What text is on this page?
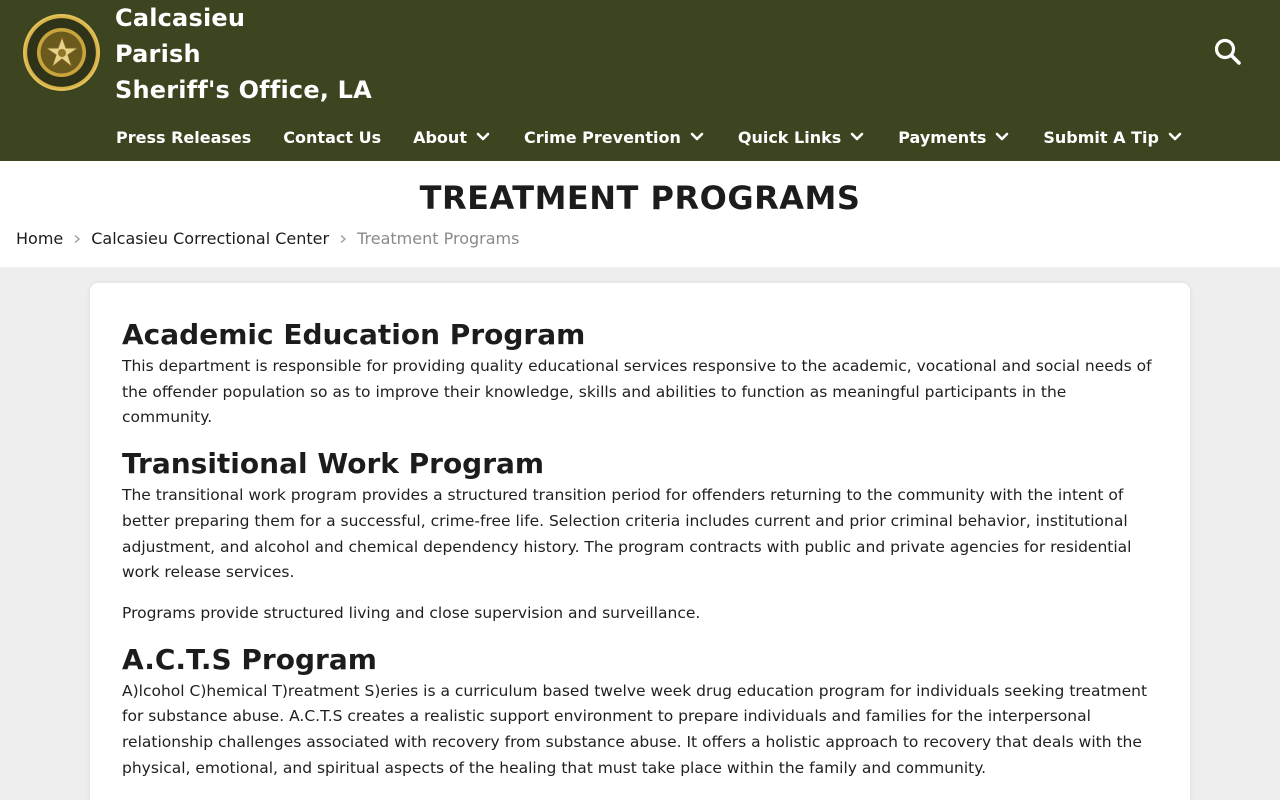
Calcasieu
Parish
Sheriff's Office, LA
Press Releases Contact Us About	Crime Prevention	Quick Links	Payments	Submit A Tip
TREATMENT PROGRAMS
Home Calcasieu Correctional Center Treatment Programs
Academic Education Program

This department is responsible for providing quality educational services responsive to the academic, vocational and social needs of the offender population so as to improve their knowledge, skills and abilities to function as meaningful participants in the community.

Transitional Work Program

The transitional work program provides a structured transition period for offenders returning to the community with the intent of better preparing them for a successful, crime-free life. Selection criteria includes current and prior criminal behavior, institutional adjustment, and alcohol and chemical dependency history. The program contracts with public and private agencies for residential work release services.

Programs provide structured living and close supervision and surveillance.

A.C.T.S Program

A)lcohol C)hemical T)reatment S)eries is a curriculum based twelve week drug education program for individuals seeking treatment for substance abuse. A.C.T.S creates a realistic support environment to prepare individuals and families for the interpersonal relationship challenges associated with recovery from substance abuse. It offers a holistic approach to recovery that deals with the physical, emotional, and spiritual aspects of the healing that must take place within the family and community.
